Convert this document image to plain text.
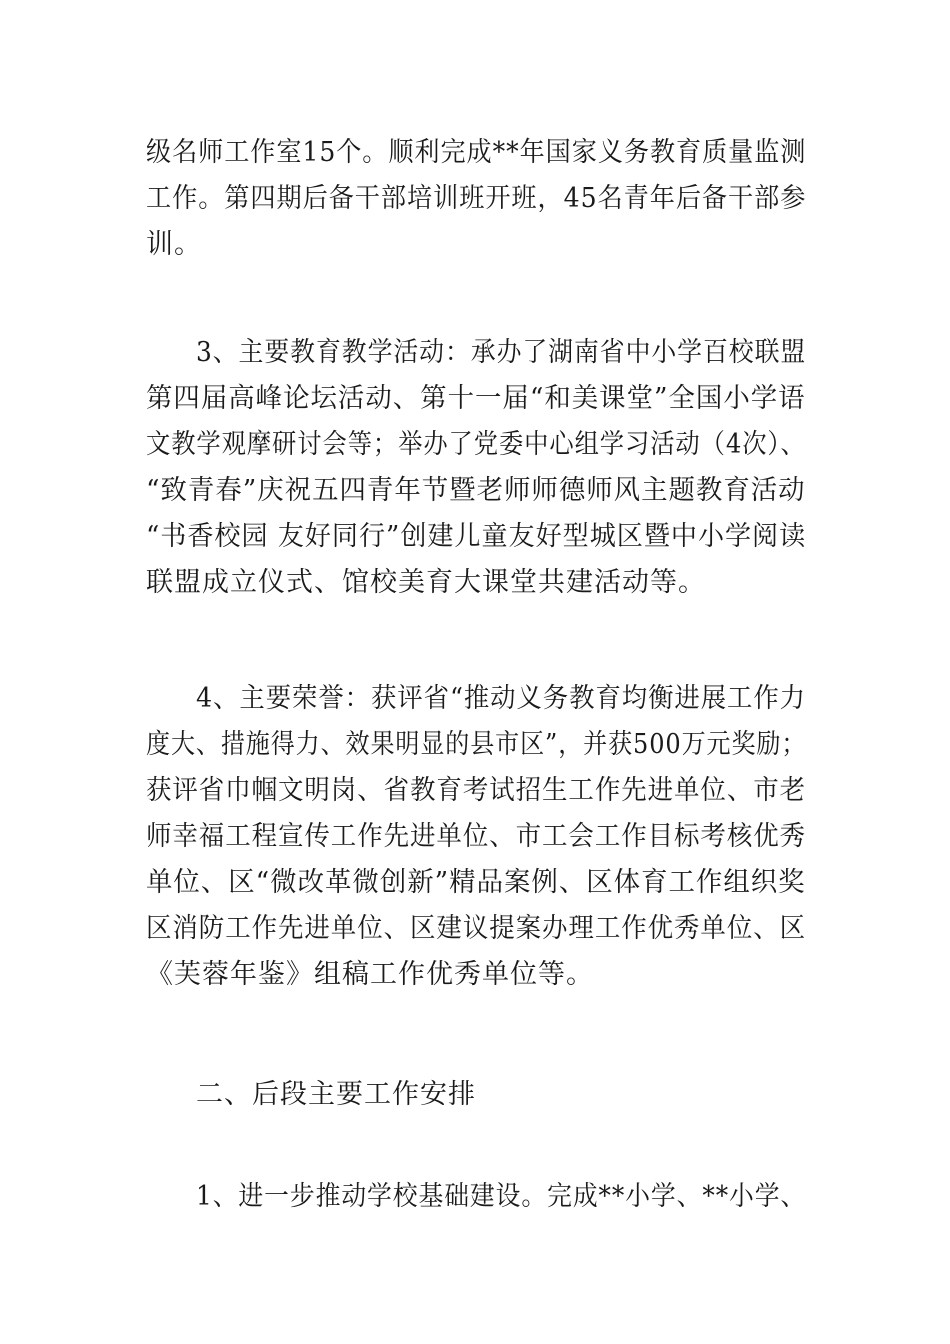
级名师工作室15个。顺利完成**年国家义务教育质量监测
工作。第四期后备干部培训班开班，45名青年后备干部参
训。
3、主要教育教学活动：承办了湖南省中小学百校联盟
第四届高峰论坛活动、第十一届“和美课堂”全国小学语
文教学观摩研讨会等；举办了党委中心组学习活动（4次）、
“致青春”庆祝五四青年节暨老师师德师风主题教育活动
“书香校园 友好同行”创建儿童友好型城区暨中小学阅读
联盟成立仪式、馆校美育大课堂共建活动等。
4、主要荣誉：获评省“推动义务教育均衡进展工作力
度大、措施得力、效果明显的县市区”，并获500万元奖励；
获评省巾帼文明岗、省教育考试招生工作先进单位、市老
师幸福工程宣传工作先进单位、市工会工作目标考核优秀
单位、区“微改革微创新”精品案例、区体育工作组织奖
区消防工作先进单位、区建议提案办理工作优秀单位、区
《芙蓉年鉴》组稿工作优秀单位等。
二、后段主要工作安排
1、进一步推动学校基础建设。完成**小学、**小学、
